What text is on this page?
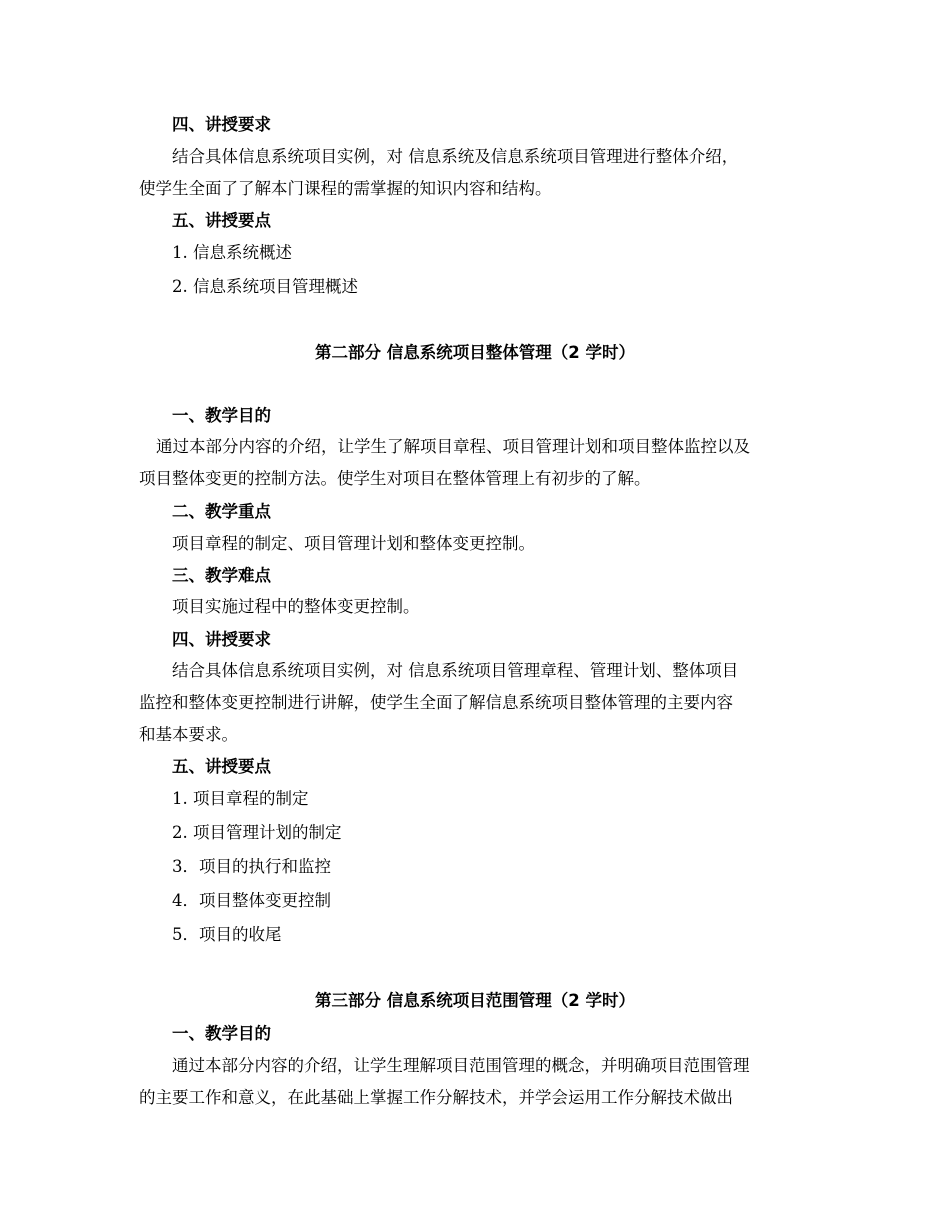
四、讲授要求
结合具体信息系统项目实例，对 信息系统及信息系统项目管理进行整体介绍，
使学生全面了了解本门课程的需掌握的知识内容和结构。
五、讲授要点
1. 信息系统概述
2. 信息系统项目管理概述
第二部分 信息系统项目整体管理（2 学时）
一、教学目的
通过本部分内容的介绍，让学生了解项目章程、项目管理计划和项目整体监控以及
项目整体变更的控制方法。使学生对项目在整体管理上有初步的了解。
二、教学重点
项目章程的制定、项目管理计划和整体变更控制。
三、教学难点
项目实施过程中的整体变更控制。
四、讲授要求
结合具体信息系统项目实例，对 信息系统项目管理章程、管理计划、整体项目
监控和整体变更控制进行讲解，使学生全面了解信息系统项目整体管理的主要内容
和基本要求。
五、讲授要点
1. 项目章程的制定
2. 项目管理计划的制定
3．项目的执行和监控
4．项目整体变更控制
5．项目的收尾
第三部分 信息系统项目范围管理（2 学时）
一、教学目的
通过本部分内容的介绍，让学生理解项目范围管理的概念，并明确项目范围管理
的主要工作和意义，在此基础上掌握工作分解技术，并学会运用工作分解技术做出
